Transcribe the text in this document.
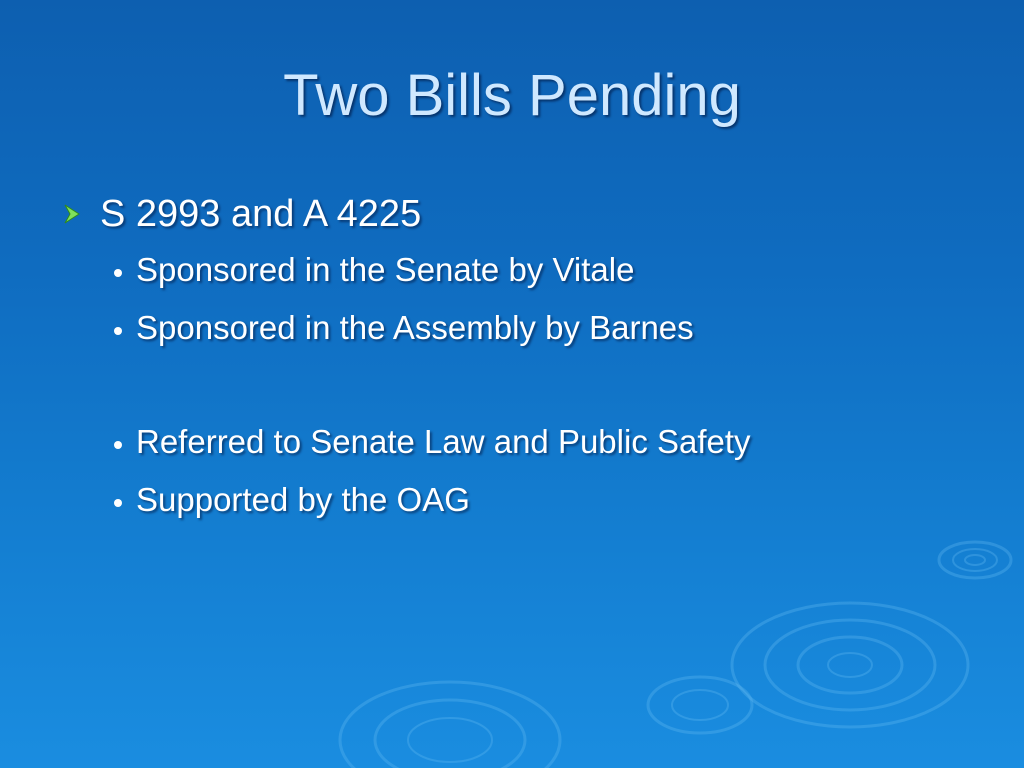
Two Bills Pending
S 2993 and A 4225
Sponsored in the Senate by Vitale
Sponsored in the Assembly by Barnes
Referred to Senate Law and Public Safety
Supported by the OAG
